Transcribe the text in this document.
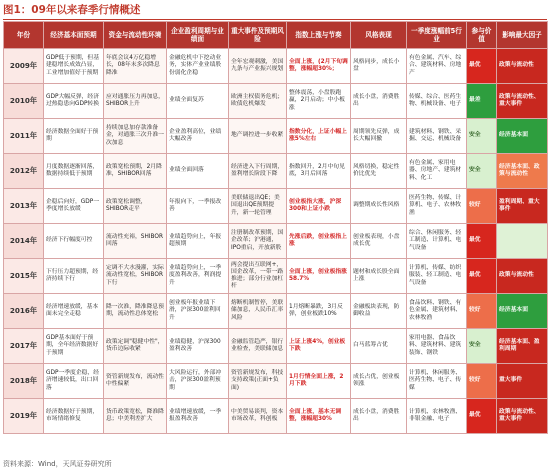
图1：09年以来春季行情概述
年份	经济基本面预期	资金与流动性环境	企业盈利周期与业绩面	重大事件及预期风险	指数上涨与节奏	风格表现	一季度涨幅前5行业	参与价值	影响最大因子
2009年	GDP低于预期，但基建稳增长成效凸显，工业增加值好于预期	年底会议4万亿稳增长，08年末多次降息降准	金融危机中下挖动业务，实体产业业绩股份弱化企稳	全年宏观刺激，美国九条与产业振兴规划	全面上涨，(2月下旬调整，涨幅超30%；	风格同步，成长小盘	有色金属、汽车、综合、建筑材料、房地产	最优	政策与流动性
2010年	GDP大幅反弹，经济过热隐患向GDP转换	应对通胀压力再加息，SHIBOR上升	业绩全面复苏	欧洲主权债务危机；欧债危机爆发	整体震荡，小盘股跑赢，2月启动；中小板涨	成长小盘，消费胜出	传媒、综合、医药生物、机械设备、电子	最差	政策与流动性、重大事件
2011年	经济数据全面好于预期	持续加息加存款准备金，对通胀三次升准一次加息	企业盈利高位，业绩大幅改善	地产调控进一步收紧	指数分化，上证小幅上涨5%左右	周期领先反弹，成长大幅回撤	建筑材料、钢铁、采掘、交运、机械设备	安全	经济基本面
2012年	月度数据逐渐回落，数据持续低于预期	政策宽松预期，2月降准，SHIBOR回落	业绩全面回落	经济进入下行周期，盈利增长阶段下降	指数回升，2月中旬见底，3月后回落	风格切换，稳定性价比优先	有色金属、家用电器、房地产、建筑材料、化工	安全	经济基本面、政策与流动性
2013年	企稳后向好，GDP一季度增长放缓	政策宽松调整，SHIBOR走平	年报向下，一季报改善	美联储退出QE；美国退出QE预期提升，新一轮管理	创业板指大涨，沪深300和上证小跌	调整期成长性风格	医药生物、传媒、计算机、电子、农林牧渔	较好	盈利周期、重大事件
2014年	经济下行幅度可控	流动性充裕，SHIBOR回落	业绩趋势向上，年报超预期	注册制改革预期，国企改革；沪港通，IPO重启，开放新股	先涨后跌，创业板指上涨	创业板表现，小盘成长优	综合、休闲服务、轻工制造、计算机、电气设备	最优	
2015年	下行压力超预期，经济持续下行	定调不大水漫灌，实际流动性宽松，SHIBOR下行	业绩趋势向上，一季度盈利改善，利润提升	两会提出互联网+，国企改革，一带一路推进；部分行业加杠杆	全面上涨，创业板指涨58.7%	题材和成长股全面上涨	计算机、传媒、纺织服装、轻工制造、电气设备	最优	政策与流动性
2016年	经济增速放缓，基本面未完全走稳	降一次准，降准降息预期，流动性总体宽松	创业板年报业绩下滑，沪深300盈利回升	熔断机制暂停，美联储加息，人民币汇率风险	1月熔断暴跌，3月反弹，创业板跌10%	金融板块表现，防御收益	食品饮料、钢铁、有色金属、建筑材料、农林牧渔	较好	经济基本面
2017年	GDP基本面好于预期，全年经济数据好于预期	政策定调"稳健中性"，货币边际收紧	业绩稳健，沪深300盈利改善	金融监管趋严，银行业检查，美联储加息	上证上涨4%，创业板下跌	白马蓝筹占优	家用电器、食品饮料、建筑材料、建筑装饰、钢铁	安全	经济基本面、盈利周期
2018年	GDP一季度企稳，经济增速较低，出口回落	资管新规发布，流动性中性偏紧	大风险运行，外部冲击，沪深300盈利预期	资管新规发布，科技支持政策(正面+负面)	1月行情全面上涨，2月下跌	成长占优，创业板领涨	计算机、休闲服务、医药生物、电子、传媒	较好	重大事件
2019年	经济数据好于预期，市场情绪修复	货币政策宽松，降准降息；中美利差扩大	业绩增速放缓，一季报盈利改善	中美贸易谈判，资本市场改革，科创板	全面上涨，基本无调整，涨幅超30%	成长小盘，消费胜出	计算机、农林牧渔、非银金融、电子	最优	政策与流动性、重大事件
资料来源：Wind，天风证券研究所
